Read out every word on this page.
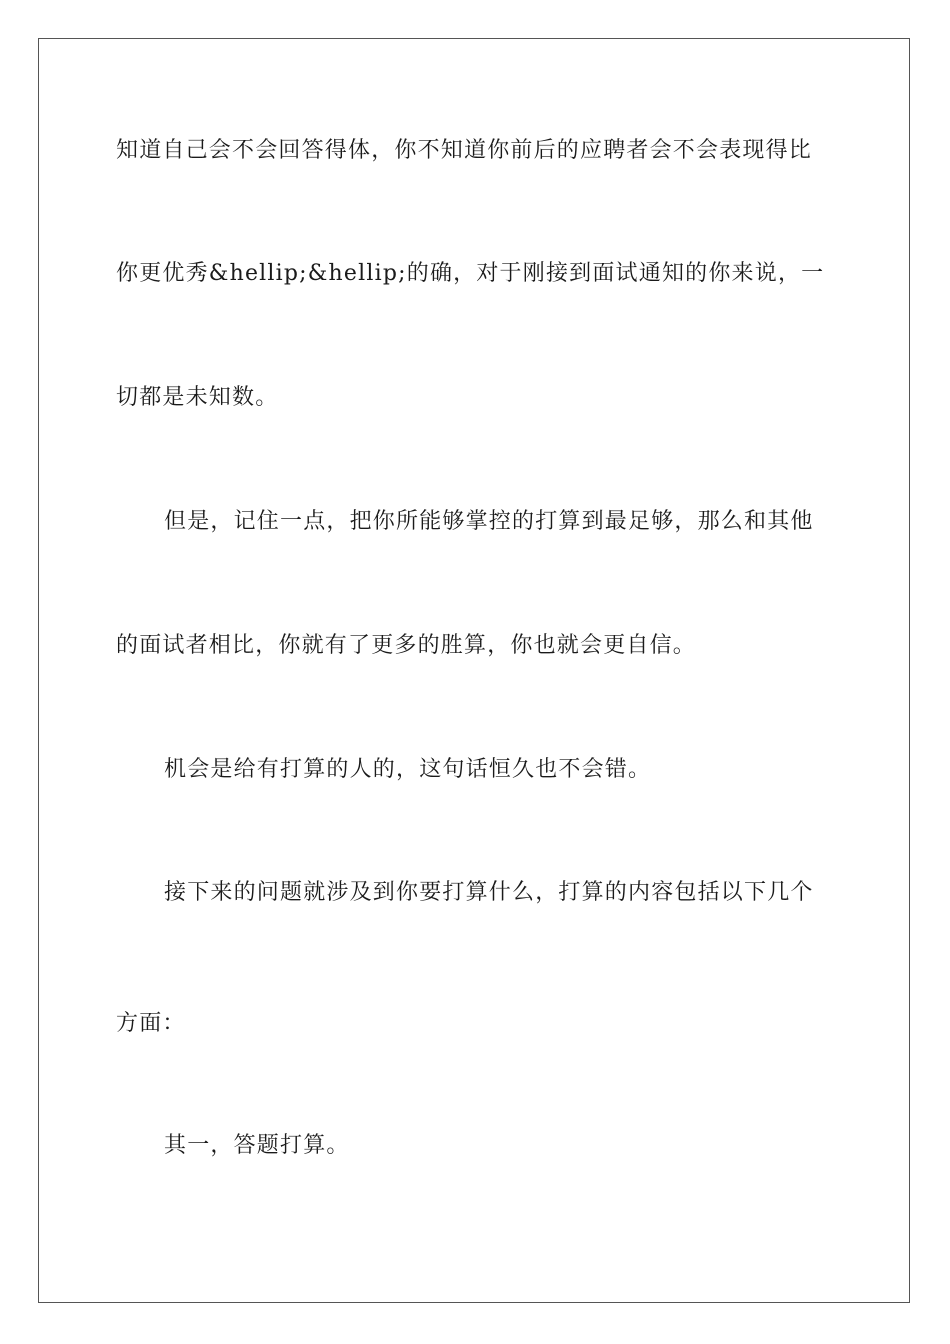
知道自己会不会回答得体，你不知道你前后的应聘者会不会表现得比

你更优秀&hellip;&hellip;的确，对于刚接到面试通知的你来说，一

切都是未知数。

但是，记住一点，把你所能够掌控的打算到最足够，那么和其他

的面试者相比，你就有了更多的胜算，你也就会更自信。

机会是给有打算的人的，这句话恒久也不会错。

接下来的问题就涉及到你要打算什么，打算的内容包括以下几个

方面：

其一，答题打算。
